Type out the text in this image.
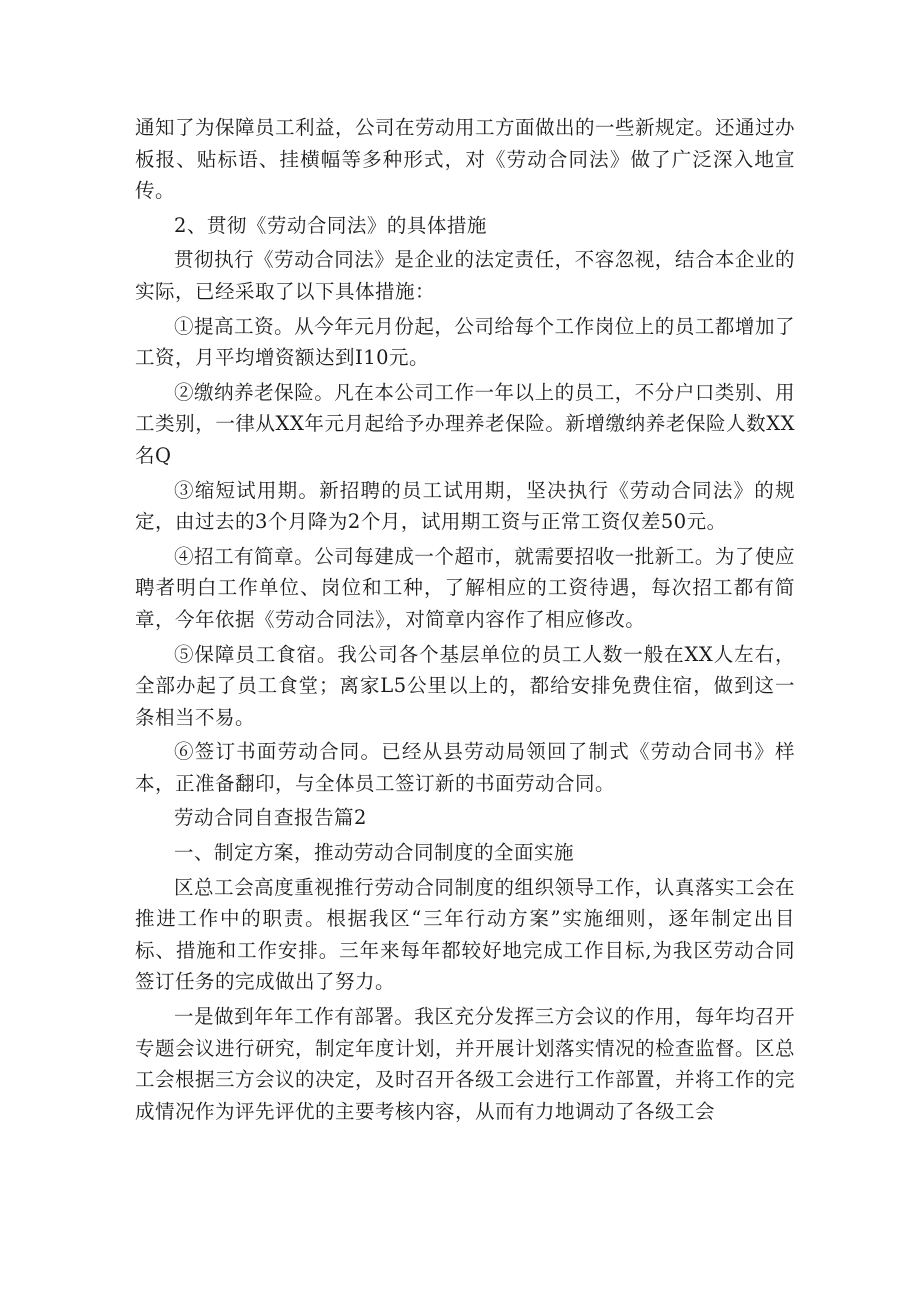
通知了为保障员工利益，公司在劳动用工方面做出的一些新规定。还通过办板报、贴标语、挂横幅等多种形式，对《劳动合同法》做了广泛深入地宣传。

2、贯彻《劳动合同法》的具体措施

贯彻执行《劳动合同法》是企业的法定责任，不容忽视，结合本企业的实际，已经采取了以下具体措施：

①提高工资。从今年元月份起，公司给每个工作岗位上的员工都增加了工资，月平均增资额达到I10元。

②缴纳养老保险。凡在本公司工作一年以上的员工，不分户口类别、用工类别，一律从XX年元月起给予办理养老保险。新增缴纳养老保险人数XX名Q

③缩短试用期。新招聘的员工试用期，坚决执行《劳动合同法》的规定，由过去的3个月降为2个月，试用期工资与正常工资仅差50元。

④招工有简章。公司每建成一个超市，就需要招收一批新工。为了使应聘者明白工作单位、岗位和工种，了解相应的工资待遇，每次招工都有简章，今年依据《劳动合同法》，对简章内容作了相应修改。

⑤保障员工食宿。我公司各个基层单位的员工人数一般在XX人左右，全部办起了员工食堂；离家L5公里以上的，都给安排免费住宿，做到这一条相当不易。

⑥签订书面劳动合同。已经从县劳动局领回了制式《劳动合同书》样本，正准备翻印，与全体员工签订新的书面劳动合同。

劳动合同自查报告篇2

一、制定方案，推动劳动合同制度的全面实施

区总工会高度重视推行劳动合同制度的组织领导工作，认真落实工会在推进工作中的职责。根据我区“三年行动方案”实施细则，逐年制定出目标、措施和工作安排。三年来每年都较好地完成工作目标,为我区劳动合同签订任务的完成做出了努力。

一是做到年年工作有部署。我区充分发挥三方会议的作用，每年均召开专题会议进行研究，制定年度计划，并开展计划落实情况的检查监督。区总工会根据三方会议的决定，及时召开各级工会进行工作部置，并将工作的完成情况作为评先评优的主要考核内容，从而有力地调动了各级工会
